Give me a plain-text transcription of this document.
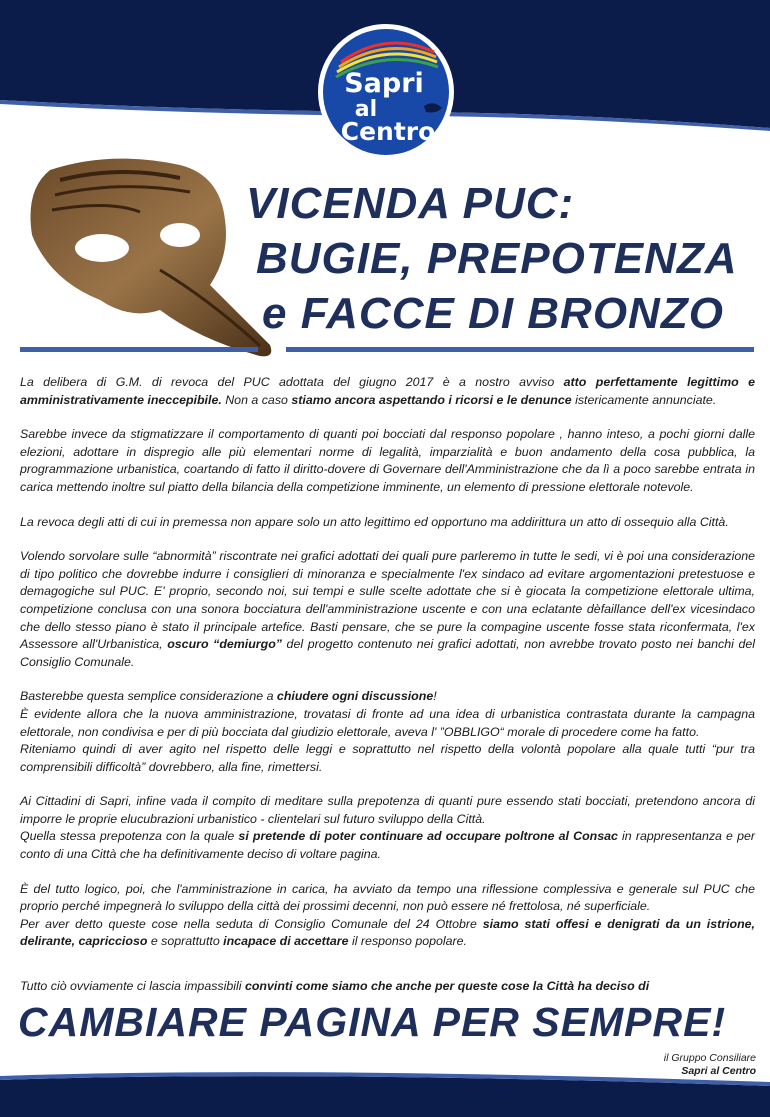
Sapri
al
Centro
VICENDA PUC:
BUGIE, PREPOTENZA
e FACCE DI BRONZO

La delibera di G.M. di revoca del PUC adottata del giugno 2017 è a nostro avviso atto perfettamente legittimo e amministrativamente ineccepibile. Non a caso stiamo ancora aspettando i ricorsi e le denunce istericamente annunciate.

Sarebbe invece da stigmatizzare il comportamento di quanti poi bocciati dal responso popolare , hanno inteso, a pochi giorni dalle elezioni, adottare in dispregio alle più elementari norme di legalità, imparzialità e buon andamento della cosa pubblica, la programmazione urbanistica, coartando di fatto il diritto-dovere di Governare dell'Amministrazione che da lì a poco sarebbe entrata in carica mettendo inoltre sul piatto della bilancia della competizione imminente, un elemento di pressione elettorale notevole.

La revoca degli atti di cui in premessa non appare solo un atto legittimo ed opportuno ma addirittura un atto di ossequio alla Città.

Volendo sorvolare sulle “abnormità” riscontrate nei grafici adottati dei quali pure parleremo in tutte le sedi, vi è poi una considerazione di tipo politico che dovrebbe indurre i consiglieri di minoranza e specialmente l'ex sindaco ad evitare argomentazioni pretestuose e demagogiche sul PUC. E' proprio, secondo noi, sui tempi e sulle scelte adottate che si è giocata la competizione elettorale ultima, competizione conclusa con una sonora bocciatura dell'amministrazione uscente e con una eclatante dèfaillance dell'ex vicesindaco che dello stesso piano è stato il principale artefice. Basti pensare, che se pure la compagine uscente fosse stata riconfermata, l'ex Assessore all'Urbanistica, oscuro “demiurgo” del progetto contenuto nei grafici adottati, non avrebbe trovato posto nei banchi del Consiglio Comunale.

Basterebbe questa semplice considerazione a chiudere ogni discussione!

È evidente allora che la nuova amministrazione, trovatasi di fronte ad una idea di urbanistica contrastata durante la campagna elettorale, non condivisa e per di più bocciata dal giudizio elettorale, aveva l' ”OBBLIGO“ morale di procedere come ha fatto.

Riteniamo quindi di aver agito nel rispetto delle leggi e soprattutto nel rispetto della volontà popolare alla quale tutti “pur tra comprensibili difficoltà” dovrebbero, alla fine, rimettersi.

Ai Cittadini di Sapri, infine vada il compito di meditare sulla prepotenza di quanti pure essendo stati bocciati, pretendono ancora di imporre le proprie elucubrazioni urbanistico - clientelari sul futuro sviluppo della Città.

Quella stessa prepotenza con la quale si pretende di poter continuare ad occupare poltrone al Consac in rappresentanza e per conto di una Città che ha definitivamente deciso di voltare pagina.

È del tutto logico, poi, che l'amministrazione in carica, ha avviato da tempo una riflessione complessiva e generale sul PUC che proprio perché impegnerà lo sviluppo della città dei prossimi decenni, non può essere né frettolosa, né superficiale.

Per aver detto queste cose nella seduta di Consiglio Comunale del 24 Ottobre siamo stati offesi e denigrati da un istrione, delirante, capriccioso e soprattutto incapace di accettare il responso popolare.

Tutto ciò ovviamente ci lascia impassibili convinti come siamo che anche per queste cose la Città ha deciso di

CAMBIARE PAGINA PER SEMPRE!
il Gruppo Consiliare
Sapri al Centro
